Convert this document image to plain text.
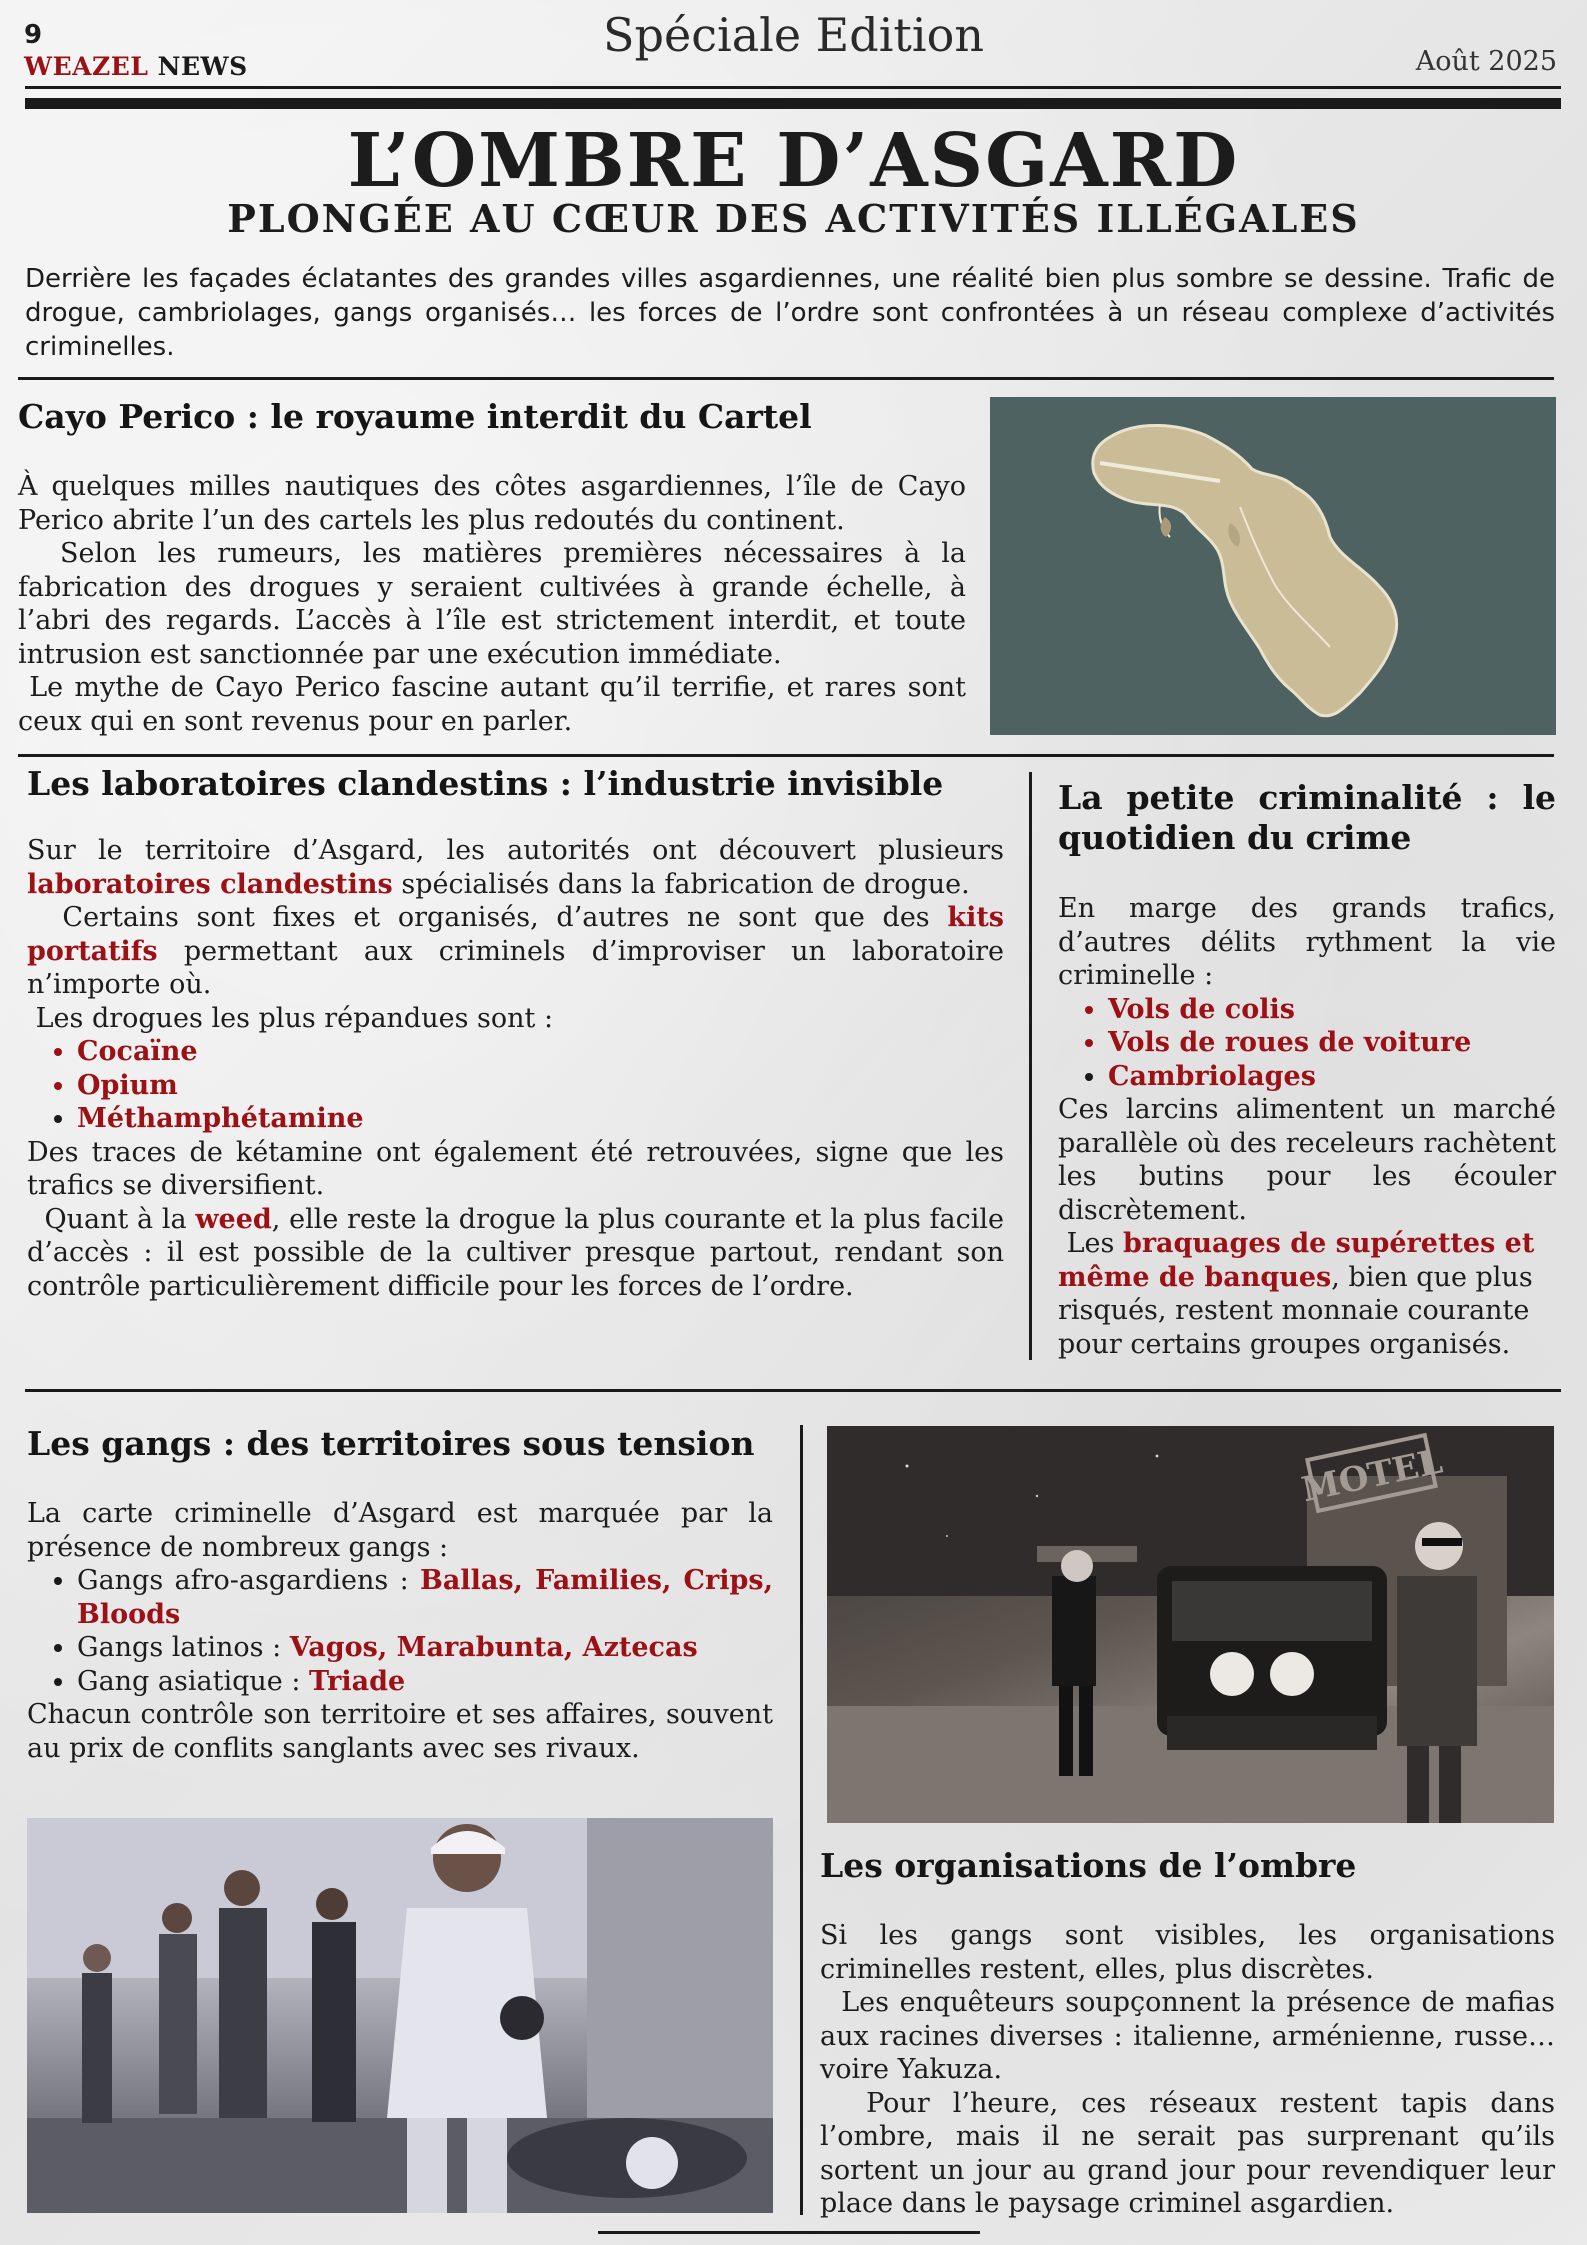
9
WEAZEL NEWS
Spéciale Edition	Août 2025
L’OMBRE D’ASGARD
PLONGÉE AU CŒUR DES ACTIVITÉS ILLÉGALES
Derrière les façades éclatantes des grandes villes asgardiennes, une réalité bien plus sombre se dessine. Trafic de drogue, cambriolages, gangs organisés… les forces de l’ordre sont confrontées à un réseau complexe d’activités criminelles.
Cayo Perico : le royaume interdit du Cartel

À quelques milles nautiques des côtes asgardiennes, l’île de Cayo Perico abrite l’un des cartels les plus redoutés du continent.

Selon les rumeurs, les matières premières nécessaires à la fabrication des drogues y seraient cultivées à grande échelle, à l’abri des regards. L’accès à l’île est strictement interdit, et toute intrusion est sanctionnée par une exécution immédiate.

Le mythe de Cayo Perico fascine autant qu’il terrifie, et rares sont ceux qui en sont revenus pour en parler.

Les laboratoires clandestins : l’industrie invisible

Sur le territoire d’Asgard, les autorités ont découvert plusieurs laboratoires clandestins spécialisés dans la fabrication de drogue.

Certains sont fixes et organisés, d’autres ne sont que des kits portatifs permettant aux criminels d’improviser un laboratoire n’importe où.

Les drogues les plus répandues sont :

• Cocaïne
• Opium
• Méthamphétamine

Des traces de kétamine ont également été retrouvées, signe que les trafics se diversifient.

Quant à la weed, elle reste la drogue la plus courante et la plus facile d’accès : il est possible de la cultiver presque partout, rendant son contrôle particulièrement difficile pour les forces de l’ordre.

La petite criminalité : le quotidien du crime

En marge des grands trafics, d’autres délits rythment la vie criminelle :

• Vols de colis
• Vols de roues de voiture
• Cambriolages

Ces larcins alimentent un marché parallèle où des receleurs rachètent les butins pour les écouler discrètement.

Les braquages de supérettes et même de banques, bien que plus risqués, restent monnaie courante pour certains groupes organisés.

Les gangs : des territoires sous tension

La carte criminelle d’Asgard est marquée par la présence de nombreux gangs :

• Gangs afro-asgardiens : Ballas, Families, Crips, Bloods
• Gangs latinos : Vagos, Marabunta, Aztecas
• Gang asiatique : Triade

Chacun contrôle son territoire et ses affaires, souvent au prix de conflits sanglants avec ses rivaux.

MOTEL
Les organisations de l’ombre

Si les gangs sont visibles, les organisations criminelles restent, elles, plus discrètes.

Les enquêteurs soupçonnent la présence de mafias aux racines diverses : italienne, arménienne, russe… voire Yakuza.

Pour l’heure, ces réseaux restent tapis dans l’ombre, mais il ne serait pas surprenant qu’ils sortent un jour au grand jour pour revendiquer leur place dans le paysage criminel asgardien.
